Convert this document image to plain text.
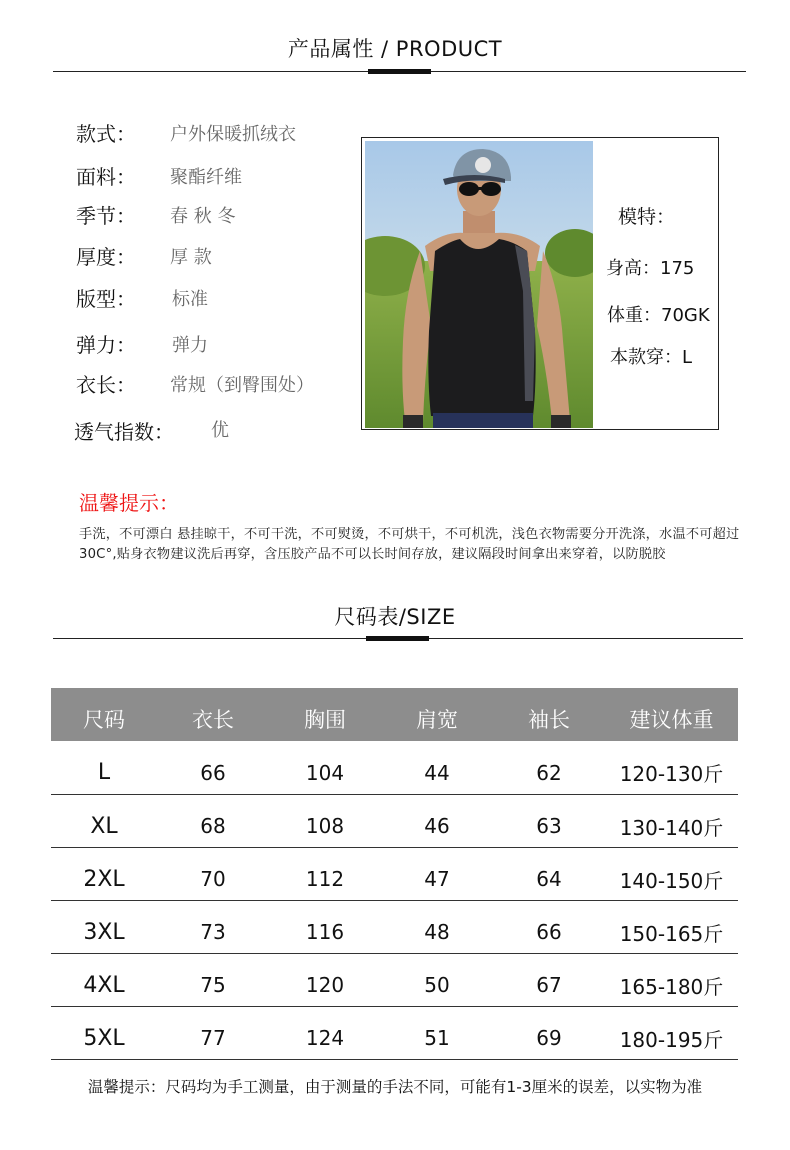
产品属性 / PRODUCT
款式： 户外保暖抓绒衣
面料： 聚酯纤维
季节： 春 秋 冬
厚度： 厚 款
版型： 标准
弹力： 弹力
衣长： 常规（到臀围处）
透气指数： 优
模特：
身高：175
体重：70GK
本款穿：L
温馨提示：
手洗，不可漂白 悬挂晾干，不可干洗，不可熨烫，不可烘干，不可机洗，浅色衣物需要分开洗涤，水温不可超过30C°,贴身衣物建议洗后再穿，含压胶产品不可以长时间存放，建议隔段时间拿出来穿着，以防脱胶
尺码表/SIZE
尺码	衣长	胸围	肩宽	袖长	建议体重
L	66	104	44	62	120-130斤
XL	68	108	46	63	130-140斤
2XL	70	112	47	64	140-150斤
3XL	73	116	48	66	150-165斤
4XL	75	120	50	67	165-180斤
5XL	77	124	51	69	180-195斤
温馨提示：尺码均为手工测量，由于测量的手法不同，可能有1-3厘米的误差，以实物为准
